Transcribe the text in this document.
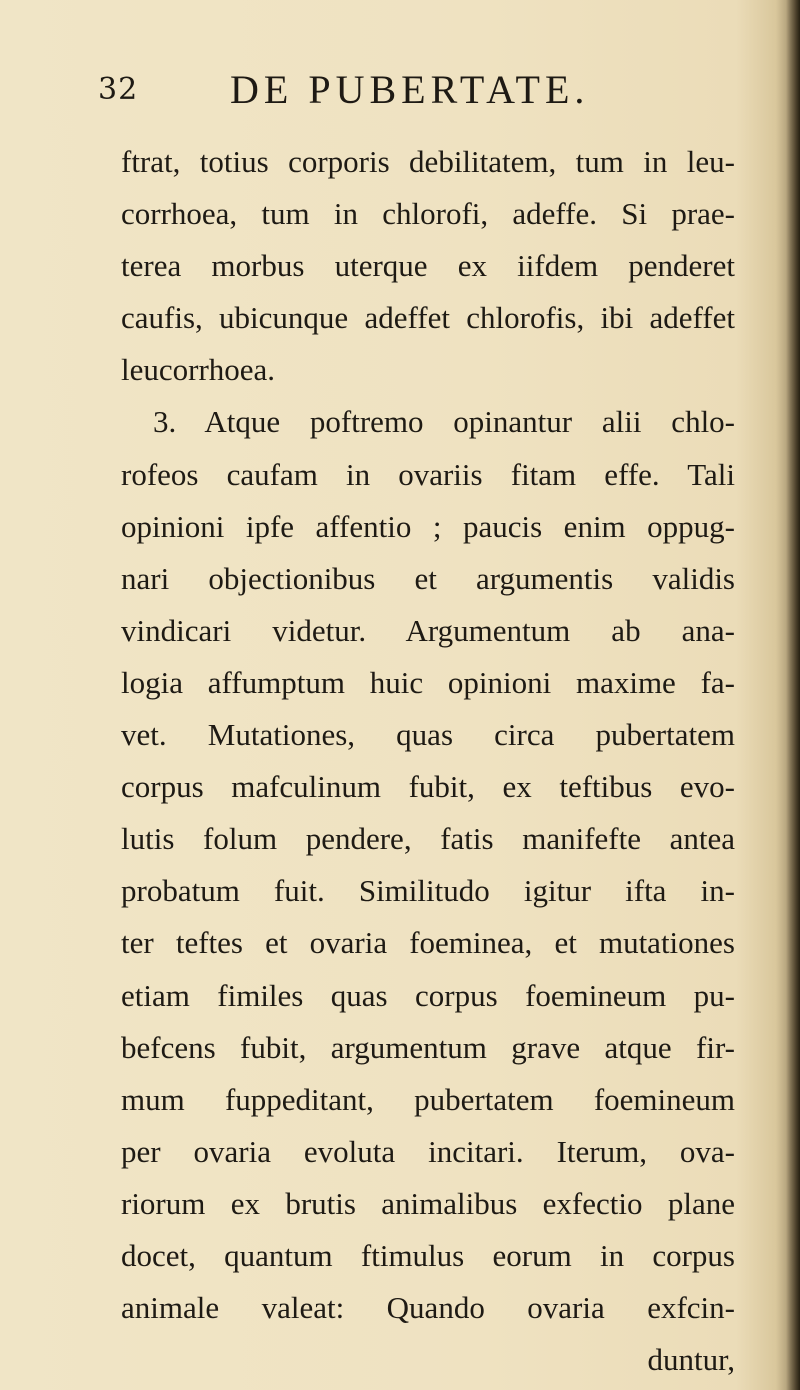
32 DE PUBERTATE.
ftrat, totius corporis debilitatem, tum in leu-
corrhoea, tum in chlorofi, adeffe. Si prae-
terea morbus uterque ex iifdem penderet
caufis, ubicunque adeffet chlorofis, ibi adeffet
leucorrhoea.
3. Atque poftremo opinantur alii chlo-
rofeos caufam in ovariis fitam effe. Tali
opinioni ipfe affentio ; paucis enim oppug-
nari objectionibus et argumentis validis
vindicari videtur. Argumentum ab ana-
logia affumptum huic opinioni maxime fa-
vet. Mutationes, quas circa pubertatem
corpus mafculinum fubit, ex teftibus evo-
lutis folum pendere, fatis manifefte antea
probatum fuit. Similitudo igitur ifta in-
ter teftes et ovaria foeminea, et mutationes
etiam fimiles quas corpus foemineum pu-
befcens fubit, argumentum grave atque fir-
mum fuppeditant, pubertatem foemineum
per ovaria evoluta incitari. Iterum, ova-
riorum ex brutis animalibus exfectio plane
docet, quantum ftimulus eorum in corpus
animale valeat: Quando ovaria exfcin-
duntur,
